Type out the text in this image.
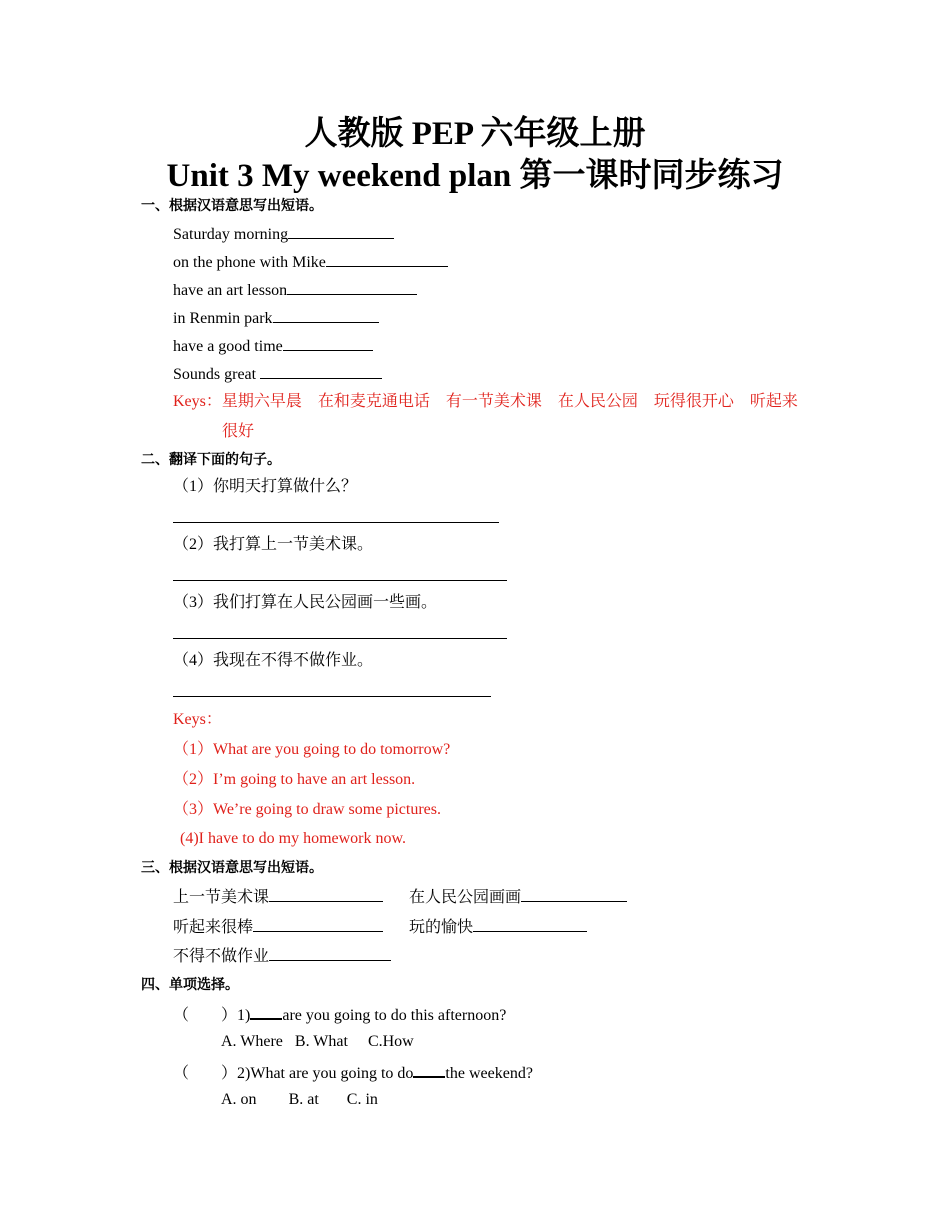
人教版 PEP 六年级上册
Unit 3 My weekend plan 第一课时同步练习
一、根据汉语意思写出短语。
Saturday morning
on the phone with Mike
have an art lesson
in Renmin park
have a good time
Sounds great
Keys：星期六早晨　在和麦克通电话　有一节美术课　在人民公园　玩得很开心　听起来
很好
二、翻译下面的句子。
（1）你明天打算做什么？
（2）我打算上一节美术课。
（3）我们打算在人民公园画一些画。
（4）我现在不得不做作业。
Keys：
（1）What are you going to do tomorrow?
（2）I’m going to have an art lesson.
（3）We’re going to draw some pictures.
(4)I have to do my homework now.
三、根据汉语意思写出短语。
上一节美术课	在人民公园画画
听起来很棒	玩的愉快
不得不做作业
四、单项选择。
（　　）1) are you going to do this afternoon?
A. Where B. What C.How
（　　）2)What are you going to do the weekend?
A. on B. at C. in
